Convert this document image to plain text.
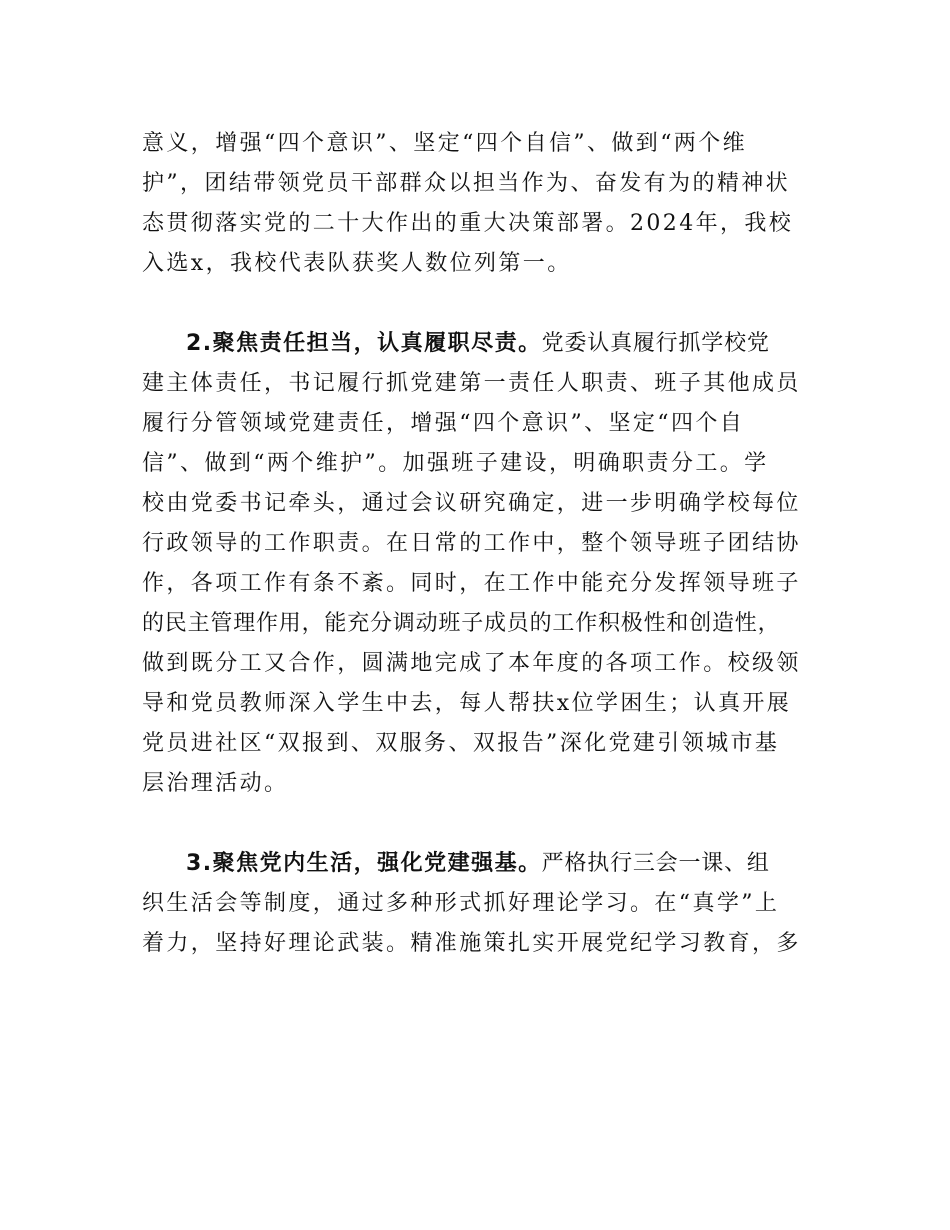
意义，增强“四个意识”、坚定“四个自信”、做到“两个维

护”，团结带领党员干部群众以担当作为、奋发有为的精神状

态贯彻落实党的二十大作出的重大决策部署。2024年，我校

入选x，我校代表队获奖人数位列第一。

2.聚焦责任担当，认真履职尽责。党委认真履行抓学校党

建主体责任，书记履行抓党建第一责任人职责、班子其他成员

履行分管领域党建责任，增强“四个意识”、坚定“四个自

信”、做到“两个维护”。加强班子建设，明确职责分工。学

校由党委书记牵头，通过会议研究确定，进一步明确学校每位

行政领导的工作职责。在日常的工作中，整个领导班子团结协

作，各项工作有条不紊。同时，在工作中能充分发挥领导班子

的民主管理作用，能充分调动班子成员的工作积极性和创造性，

做到既分工又合作，圆满地完成了本年度的各项工作。校级领

导和党员教师深入学生中去，每人帮扶x位学困生；认真开展

党员进社区“双报到、双服务、双报告”深化党建引领城市基

层治理活动。

3.聚焦党内生活，强化党建强基。严格执行三会一课、组

织生活会等制度，通过多种形式抓好理论学习。在“真学”上

着力，坚持好理论武装。精准施策扎实开展党纪学习教育，多
